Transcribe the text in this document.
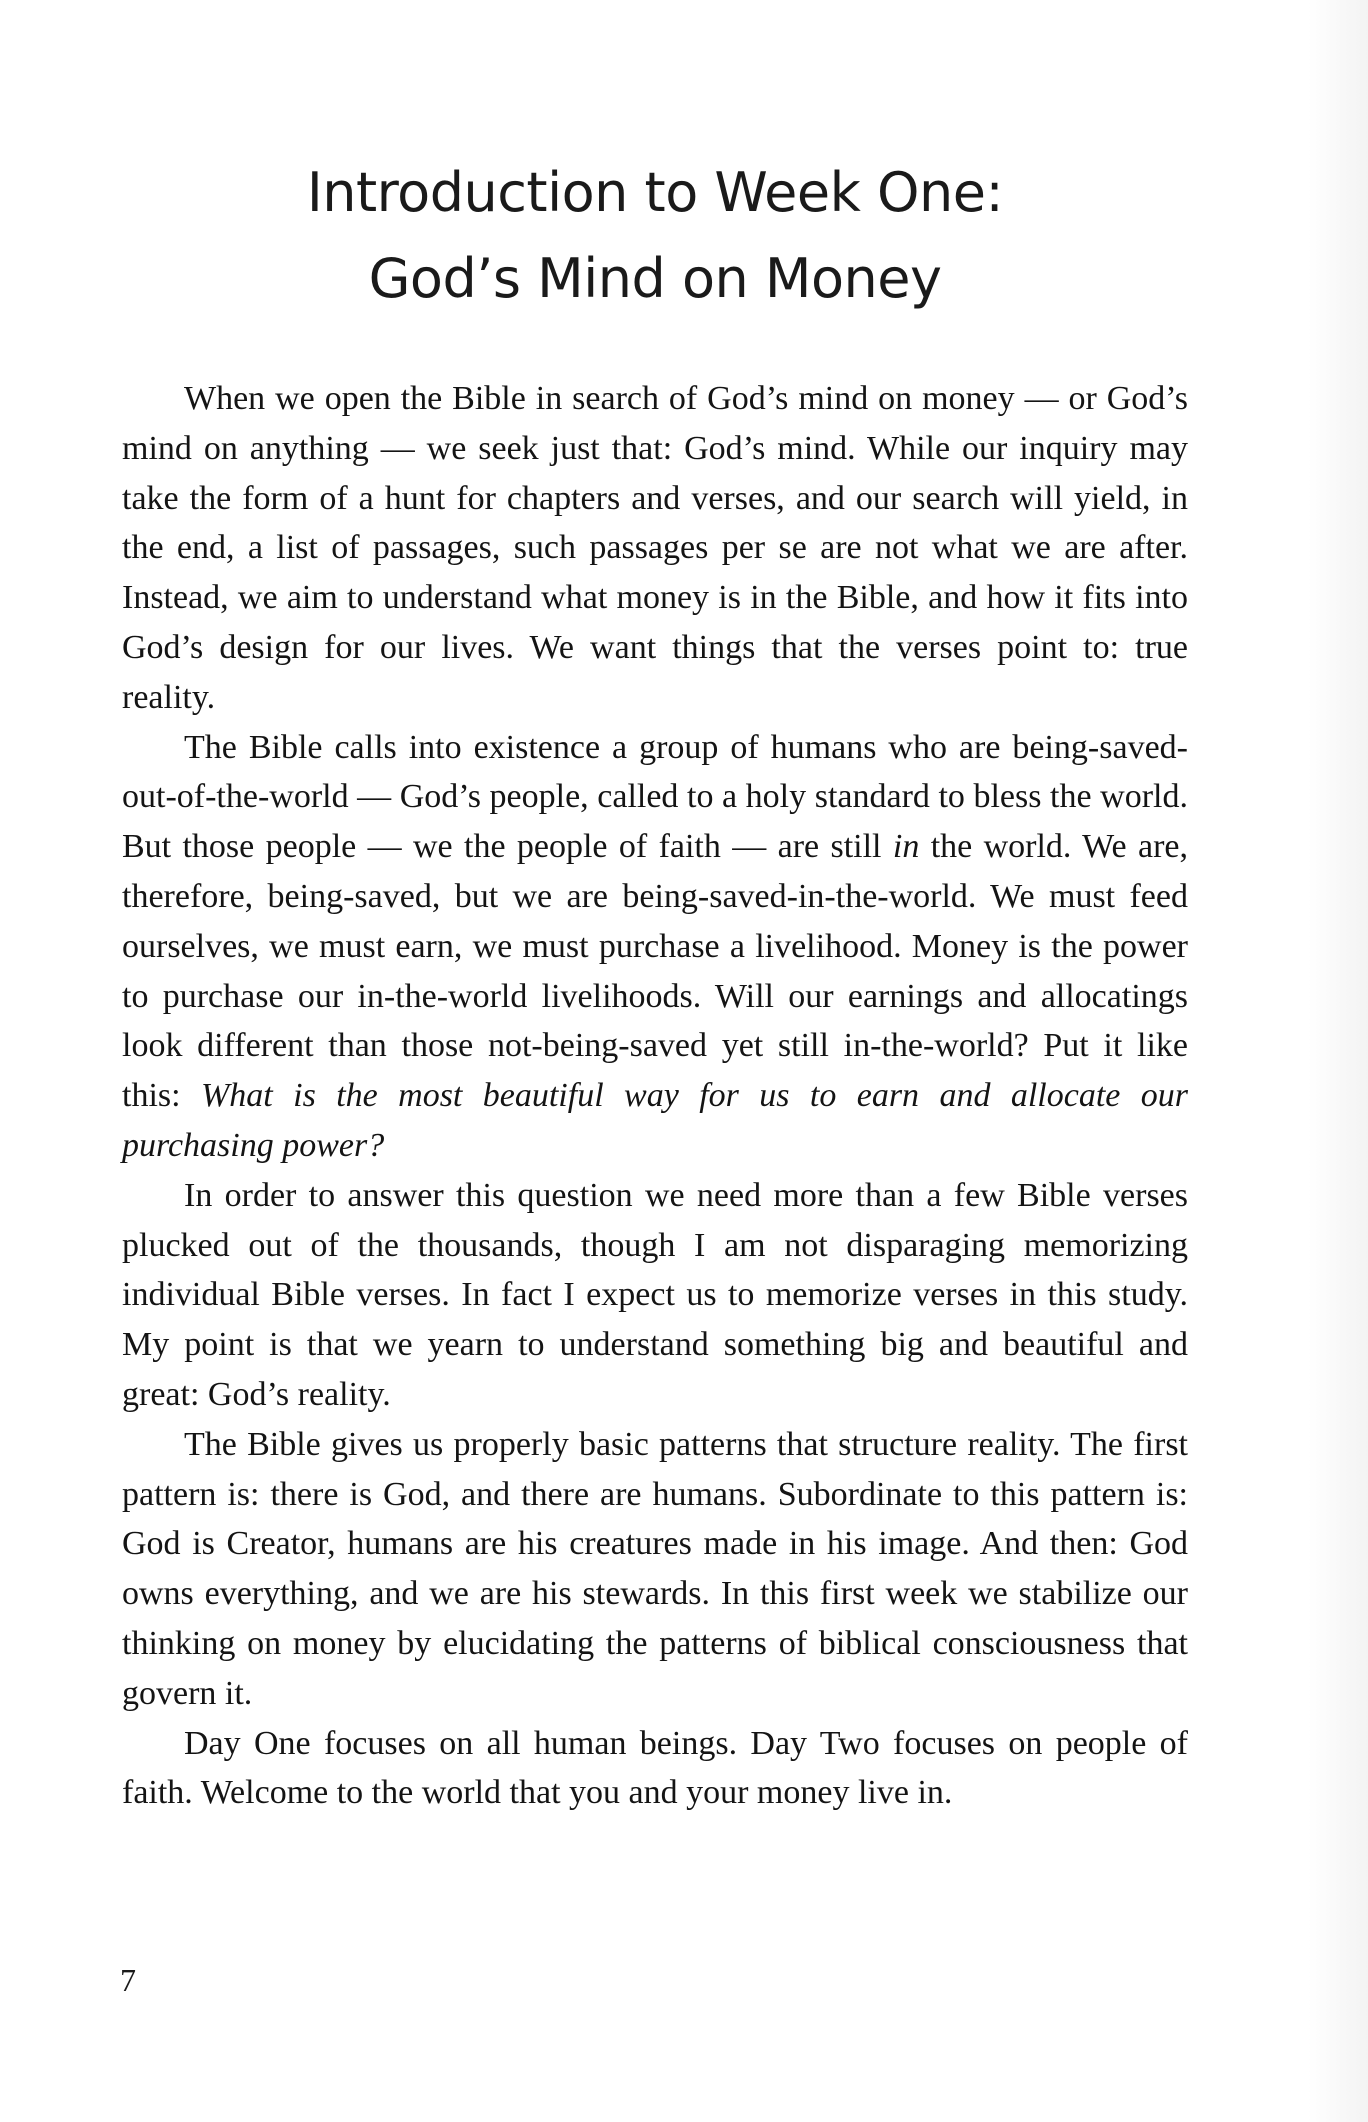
Introduction to Week One:
God’s Mind on Money

When we open the Bible in search of God’s mind on money — or God’s mind on anything — we seek just that: God’s mind. While our inquiry may take the form of a hunt for chapters and verses, and our search will yield, in the end, a list of passages, such passages per se are not what we are after. Instead, we aim to understand what money is in the Bible, and how it fits into God’s design for our lives. We want things that the verses point to: true reality.

The Bible calls into existence a group of humans who are being-saved-out-of-the-world — God’s people, called to a holy standard to bless the world. But those people — we the people of faith — are still in the world. We are, therefore, being-saved, but we are being-saved-in-the-world. We must feed ourselves, we must earn, we must purchase a livelihood. Money is the power to purchase our in-the-world livelihoods. Will our earnings and allocatings look different than those not-being-saved yet still in-the-world? Put it like this: What is the most beautiful way for us to earn and allocate our purchasing power?

In order to answer this question we need more than a few Bible verses plucked out of the thousands, though I am not disparaging memorizing individual Bible verses. In fact I expect us to memorize verses in this study. My point is that we yearn to understand something big and beautiful and great: God’s reality.

The Bible gives us properly basic patterns that structure reality. The first pattern is: there is God, and there are humans. Subordinate to this pattern is: God is Creator, humans are his creatures made in his image. And then: God owns everything, and we are his stewards. In this first week we stabilize our thinking on money by elucidating the patterns of biblical consciousness that govern it.

Day One focuses on all human beings. Day Two focuses on people of faith. Welcome to the world that you and your money live in.

7
